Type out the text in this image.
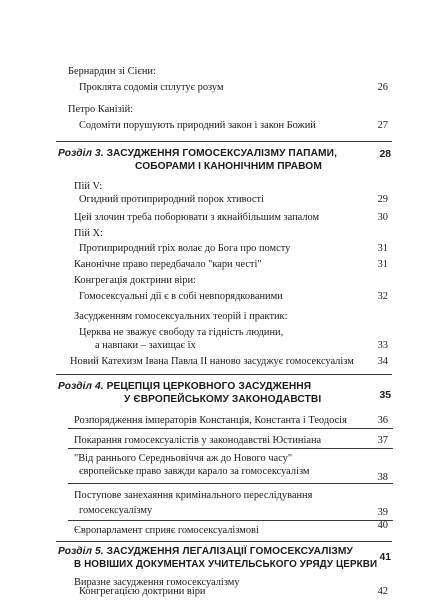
Бернардин зі Сієни:
Проклята содомія сплутує розум	26
Петро Канізій:
Содоміти порушують природний закон і закон Божий	27
Розділ 3. ЗАСУДЖЕННЯ ГОМОСЕКСУАЛІЗМУ ПАПАМИ,
СОБОРАМИ І КАНОНІЧНИМ ПРАВОМ
28
Пій V:
Огидний протиприродний порок хтивості	29
Цей злочин треба поборювати з якнайбільшим запалом	30
Пій X:
Протиприродний гріх волає до Бога про помсту	31
Канонічне право передбачало "кари честі"	31
Конгрегація доктрини віри:
Гомосексуальні дії є в собі невпорядкованими	32
Засудженням гомосексуальних теорій і практик:
Церква не зважує свободу та гідність людини,
а навпаки – захищає їх	33
Новий Катехизм Івана Павла II наново засуджує гомосексуалізм 34
Розділ 4. РЕЦЕПЦІЯ ЦЕРКОВНОГО ЗАСУДЖЕННЯ
У ЄВРОПЕЙСЬКОМУ ЗАКОНОДАВСТВІ	35
Розпорядження імператорів Констанція, Константа і Теодосія	36
Покарання гомосексуалістів у законодавстві Юстиніана	37
"Від раннього Середньовіччя аж до Нового часу"
європейське право завжди карало за гомосексуалізм
38
Поступове занехаяння кримінального переслідування
гомосексуалізму	39
Європарламент сприяє гомосексуалізмові	40
Розділ 5. ЗАСУДЖЕННЯ ЛЕГАЛІЗАЦІЇ ГОМОСЕКСУАЛІЗМУ
В НОВІШИХ ДОКУМЕНТАХ УЧИТЕЛЬСЬКОГО УРЯДУ ЦЕРКВИ
41
Виразне засудження гомосексуалізму
Конгрегацією доктрини віри	42
